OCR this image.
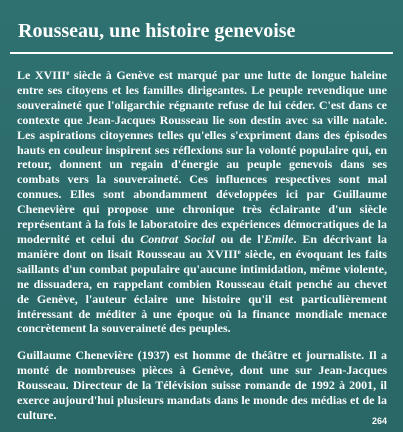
Rousseau, une histoire genevoise

Le XVIIIe siècle à Genève est marqué par une lutte de longue haleine entre ses citoyens et les familles dirigeantes. Le peuple revendique une souveraineté que l'oligarchie régnante refuse de lui céder. C'est dans ce contexte que Jean-Jacques Rousseau lie son destin avec sa ville natale. Les aspirations citoyennes telles qu'elles s'expriment dans des épisodes hauts en couleur inspirent ses réflexions sur la volonté populaire qui, en retour, donnent un regain d'énergie au peuple genevois dans ses combats vers la souveraineté. Ces influences respectives sont mal connues. Elles sont abondamment développées ici par Guillaume Chenevière qui propose une chronique très éclairante d'un siècle représentant à la fois le laboratoire des expériences démocratiques de la modernité et celui du Contrat Social ou de l'Emile. En décrivant la manière dont on lisait Rousseau au XVIIIe siècle, en évoquant les faits saillants d'un combat populaire qu'aucune intimidation, même violente, ne dissuadera, en rappelant combien Rousseau était penché au chevet de Genève, l'auteur éclaire une histoire qu'il est particulièrement intéressant de méditer à une époque où la finance mondiale menace concrètement la souveraineté des peuples.

Guillaume Chenevière (1937) est homme de théâtre et journaliste. Il a monté de nombreuses pièces à Genève, dont une sur Jean-Jacques Rousseau. Directeur de la Télévision suisse romande de 1992 à 2001, il exerce aujourd'hui plusieurs mandats dans le monde des médias et de la culture.	264
